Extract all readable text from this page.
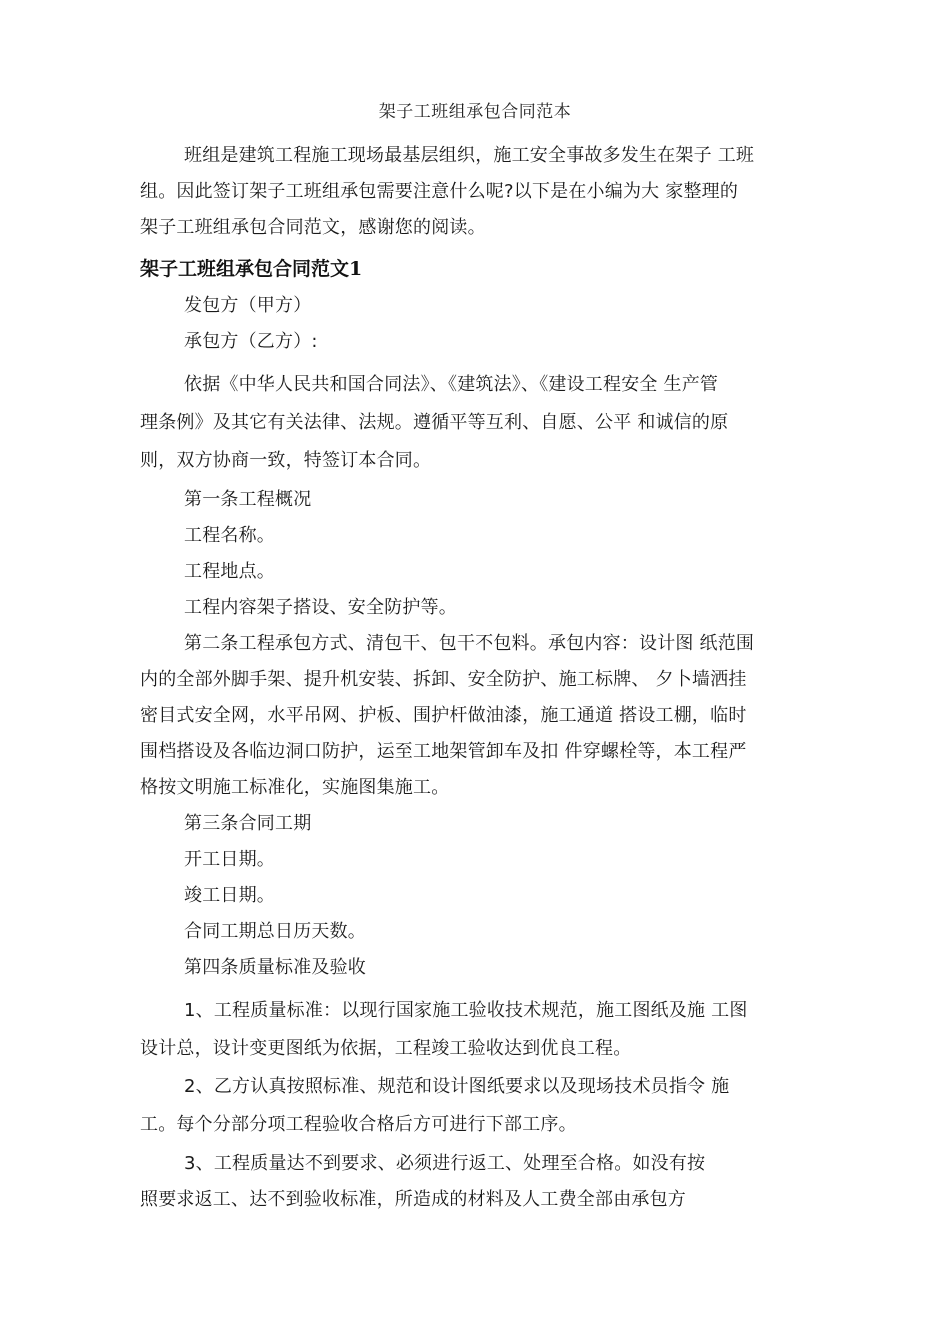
架子工班组承包合同范本
班组是建筑工程施工现场最基层组织，施工安全事故多发生在架子 工班
组。因此签订架子工班组承包需要注意什么呢?以下是在小编为大 家整理的
架子工班组承包合同范文，感谢您的阅读。
架子工班组承包合同范文1
发包方（甲方）
承包方（乙方）:
依据《中华人民共和国合同法》、《建筑法》、《建设工程安全 生产管
理条例》及其它有关法律、法规。遵循平等互利、自愿、公平 和诚信的原
则，双方协商一致，特签订本合同。
第一条工程概况
工程名称。
工程地点。
工程内容架子搭设、安全防护等。
第二条工程承包方式、清包干、包干不包料。承包内容：设计图 纸范围
内的全部外脚手架、提升机安装、拆卸、安全防护、施工标牌、 夕卜墙洒挂
密目式安全网，水平吊网、护板、围护杆做油漆，施工通道 搭设工棚，临时
围档搭设及各临边洞口防护，运至工地架管卸车及扣 件穿螺栓等，本工程严
格按文明施工标准化，实施图集施工。
第三条合同工期
开工日期。
竣工日期。
合同工期总日历天数。
第四条质量标准及验收
1、工程质量标准：以现行国家施工验收技术规范，施工图纸及施 工图
设计总，设计变更图纸为依据，工程竣工验收达到优良工程。
2、乙方认真按照标准、规范和设计图纸要求以及现场技术员指令 施
工。每个分部分项工程验收合格后方可进行下部工序。
3、工程质量达不到要求、必须进行返工、处理至合格。如没有按
照要求返工、达不到验收标准，所造成的材料及人工费全部由承包方
